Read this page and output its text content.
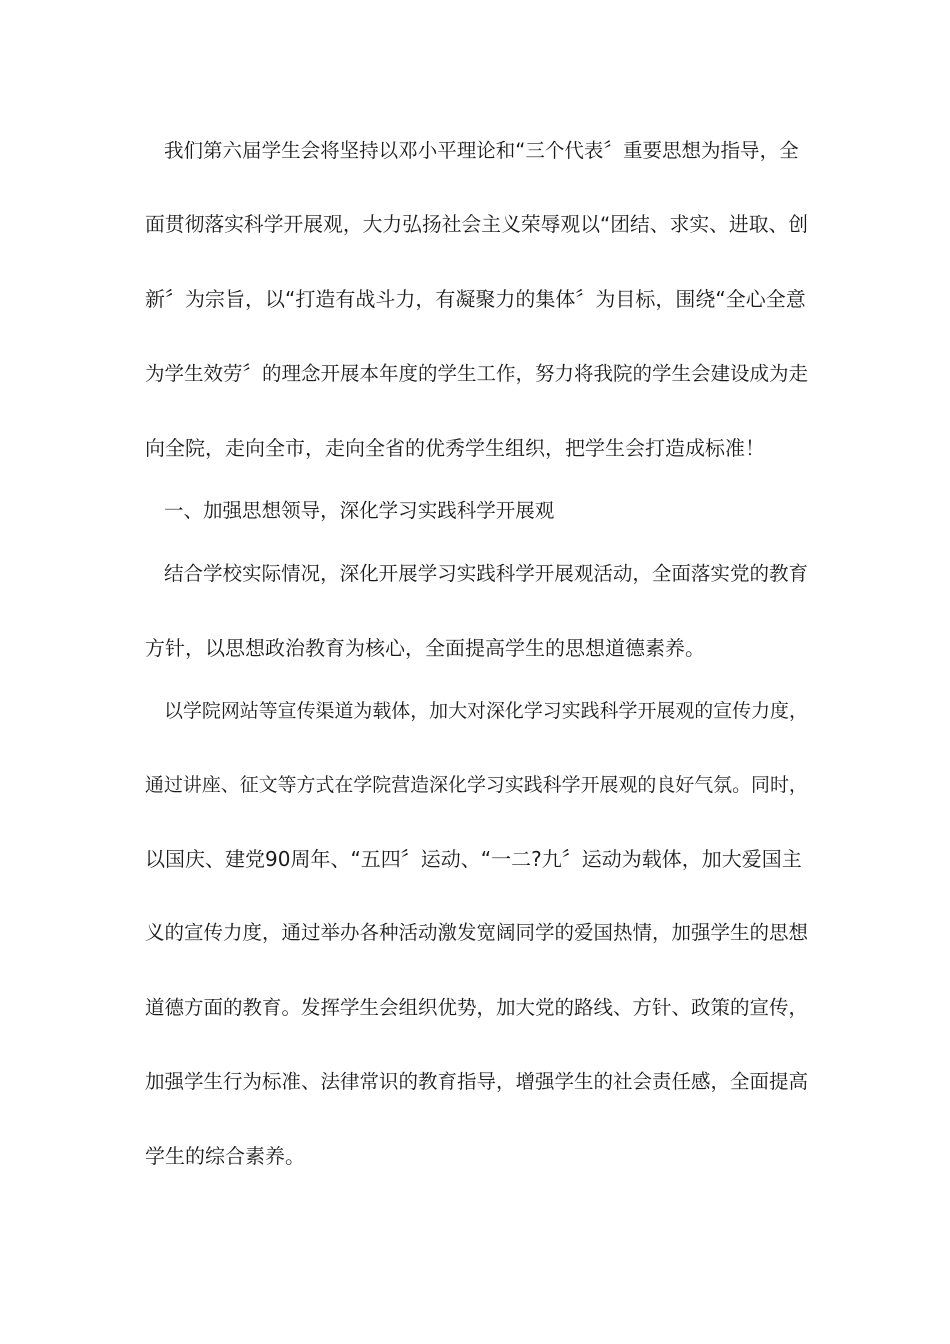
我们第六届学生会将坚持以邓小平理论和“三个代表〞重要思想为指导，全
面贯彻落实科学开展观，大力弘扬社会主义荣辱观以“团结、求实、进取、创
新〞为宗旨，以“打造有战斗力，有凝聚力的集体〞为目标，围绕“全心全意
为学生效劳〞的理念开展本年度的学生工作，努力将我院的学生会建设成为走
向全院，走向全市，走向全省的优秀学生组织，把学生会打造成标准！
一、加强思想领导，深化学习实践科学开展观
结合学校实际情况，深化开展学习实践科学开展观活动，全面落实党的教育
方针，以思想政治教育为核心，全面提高学生的思想道德素养。
以学院网站等宣传渠道为载体，加大对深化学习实践科学开展观的宣传力度，
通过讲座、征文等方式在学院营造深化学习实践科学开展观的良好气氛。同时，
以国庆、建党90周年、“五四〞运动、“一二?九〞运动为载体，加大爱国主
义的宣传力度，通过举办各种活动激发宽阔同学的爱国热情，加强学生的思想
道德方面的教育。发挥学生会组织优势，加大党的路线、方针、政策的宣传，
加强学生行为标准、法律常识的教育指导，增强学生的社会责任感，全面提高
学生的综合素养。
